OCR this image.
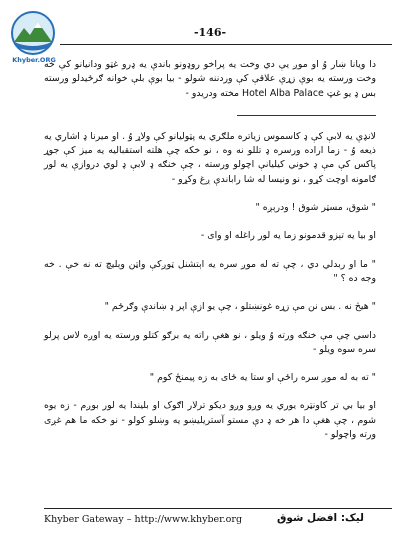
Khyber.ORG
-146-

دا ویانا ښار وُ او موږ یې دي وخت یه پراخو روډونو باندې یه ډرو غټو ودانیانو کې خه وخت ورسته یه بوې زړې علاقې کې وردننه شولو - بیا بوې بلې خوانه ګرځیدلو ورسته بس ډ یو غټ Hotel Alba Palace مخته ودریدو -

لانډې یه لابې کې ډ کاسموس زیاتره ملګري یه پټولیانو کې ولاړ وُ . او میرنا ډ اشاري یه ذیعه وُ - زما اراده ورسره ډ تللو نه وه ، نو خکه چې هلته استقبالیه یه میز کې جوړ پاکس کې مې ډ خوني کیلیانې اچولو ورسته ، چې خنګه ډ لابې ډ لوي دروازې یه لور ګامونه اوچت کړو ، نو ونیسا له شا راباندې ږغ وکړو -

" شوق، مسټر شوق ! ودرېږه "

او بیا یه تېزو قدمونو زما یه لور راغله او وای -

" ما او ربدلي دي ، چې ته له موږ سره یه اېتشنل ټوږکې واټن وېلیچ ته نه خې . خه وجه ده ؟ "

" هیڅ نه . بس نن مې زړه غونښتلو ، چې یو ازې اپر ډ ښاندې وګرځم "

داسي چې مې خنګه ورته وُ ویلو ، نو هغې راته یه برګو کتلو ورسته یه اوږه لاس پرلو سره سوه ویلو -

" ته به له موږ سره راځې او ستا یه ځای به زه پیمنځ کوم "

او بیا بي تر کاونټره یوري یه وږو وږو دیکو ترلار اګوک او بلیندا یه لور بوږم - زه یوه شوم ، چې هغې دا هر خه ډ دې مستو آستریلیښو یه وښلو کولو - نو خکه ما هم غږی ورته واچولو -

Khyber Gateway – http://www.khyber.org	لیک: افضل شوق
